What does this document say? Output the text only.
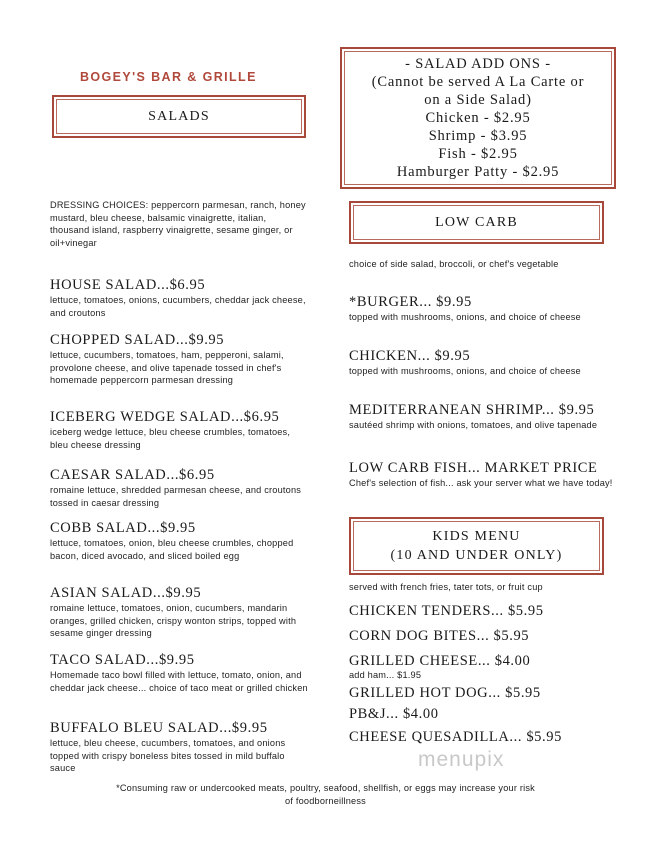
BOGEY'S BAR & GRILLE
SALADS
DRESSING CHOICES: peppercorn parmesan, ranch, honey mustard, bleu cheese, balsamic vinaigrette, italian, thousand island, raspberry vinaigrette, sesame ginger, or oil+vinegar
HOUSE SALAD...$6.95
lettuce, tomatoes, onions, cucumbers, cheddar jack cheese, and croutons
CHOPPED SALAD...$9.95
lettuce, cucumbers, tomatoes, ham, pepperoni, salami, provolone cheese, and olive tapenade tossed in chef's homemade peppercorn parmesan dressing
ICEBERG WEDGE SALAD...$6.95
iceberg wedge lettuce, bleu cheese crumbles, tomatoes, bleu cheese dressing
CAESAR SALAD...$6.95
romaine lettuce, shredded parmesan cheese, and croutons tossed in caesar dressing
COBB SALAD...$9.95
lettuce, tomatoes, onion, bleu cheese crumbles, chopped bacon, diced avocado, and sliced boiled egg
ASIAN SALAD...$9.95
romaine lettuce, tomatoes, onion, cucumbers, mandarin oranges, grilled chicken, crispy wonton strips, topped with sesame ginger dressing
TACO SALAD...$9.95
Homemade taco bowl filled with lettuce, tomato, onion, and cheddar jack cheese... choice of taco meat or grilled chicken
BUFFALO BLEU SALAD...$9.95
lettuce, bleu cheese, cucumbers, tomatoes, and onions topped with crispy boneless bites tossed in mild buffalo sauce
- SALAD ADD ONS -
(Cannot be served A La Carte or
on a Side Salad)
Chicken - $2.95
Shrimp - $3.95
Fish - $2.95
Hamburger Patty - $2.95
LOW CARB
choice of side salad, broccoli, or chef's vegetable
*BURGER... $9.95
topped with mushrooms, onions, and choice of cheese
CHICKEN... $9.95
topped with mushrooms, onions, and choice of cheese
MEDITERRANEAN SHRIMP... $9.95
sautéed shrimp with onions, tomatoes, and olive tapenade
LOW CARB FISH... MARKET PRICE
Chef's selection of fish... ask your server what we have today!
KIDS MENU
(10 AND UNDER ONLY)
served with french fries, tater tots, or fruit cup
CHICKEN TENDERS... $5.95
CORN DOG BITES... $5.95
GRILLED CHEESE... $4.00
add ham... $1.95
GRILLED HOT DOG... $5.95
PB&J... $4.00
CHEESE QUESADILLA... $5.95
menupix
*Consuming raw or undercooked meats, poultry, seafood, shellfish, or eggs may increase your risk
of foodborneillness
